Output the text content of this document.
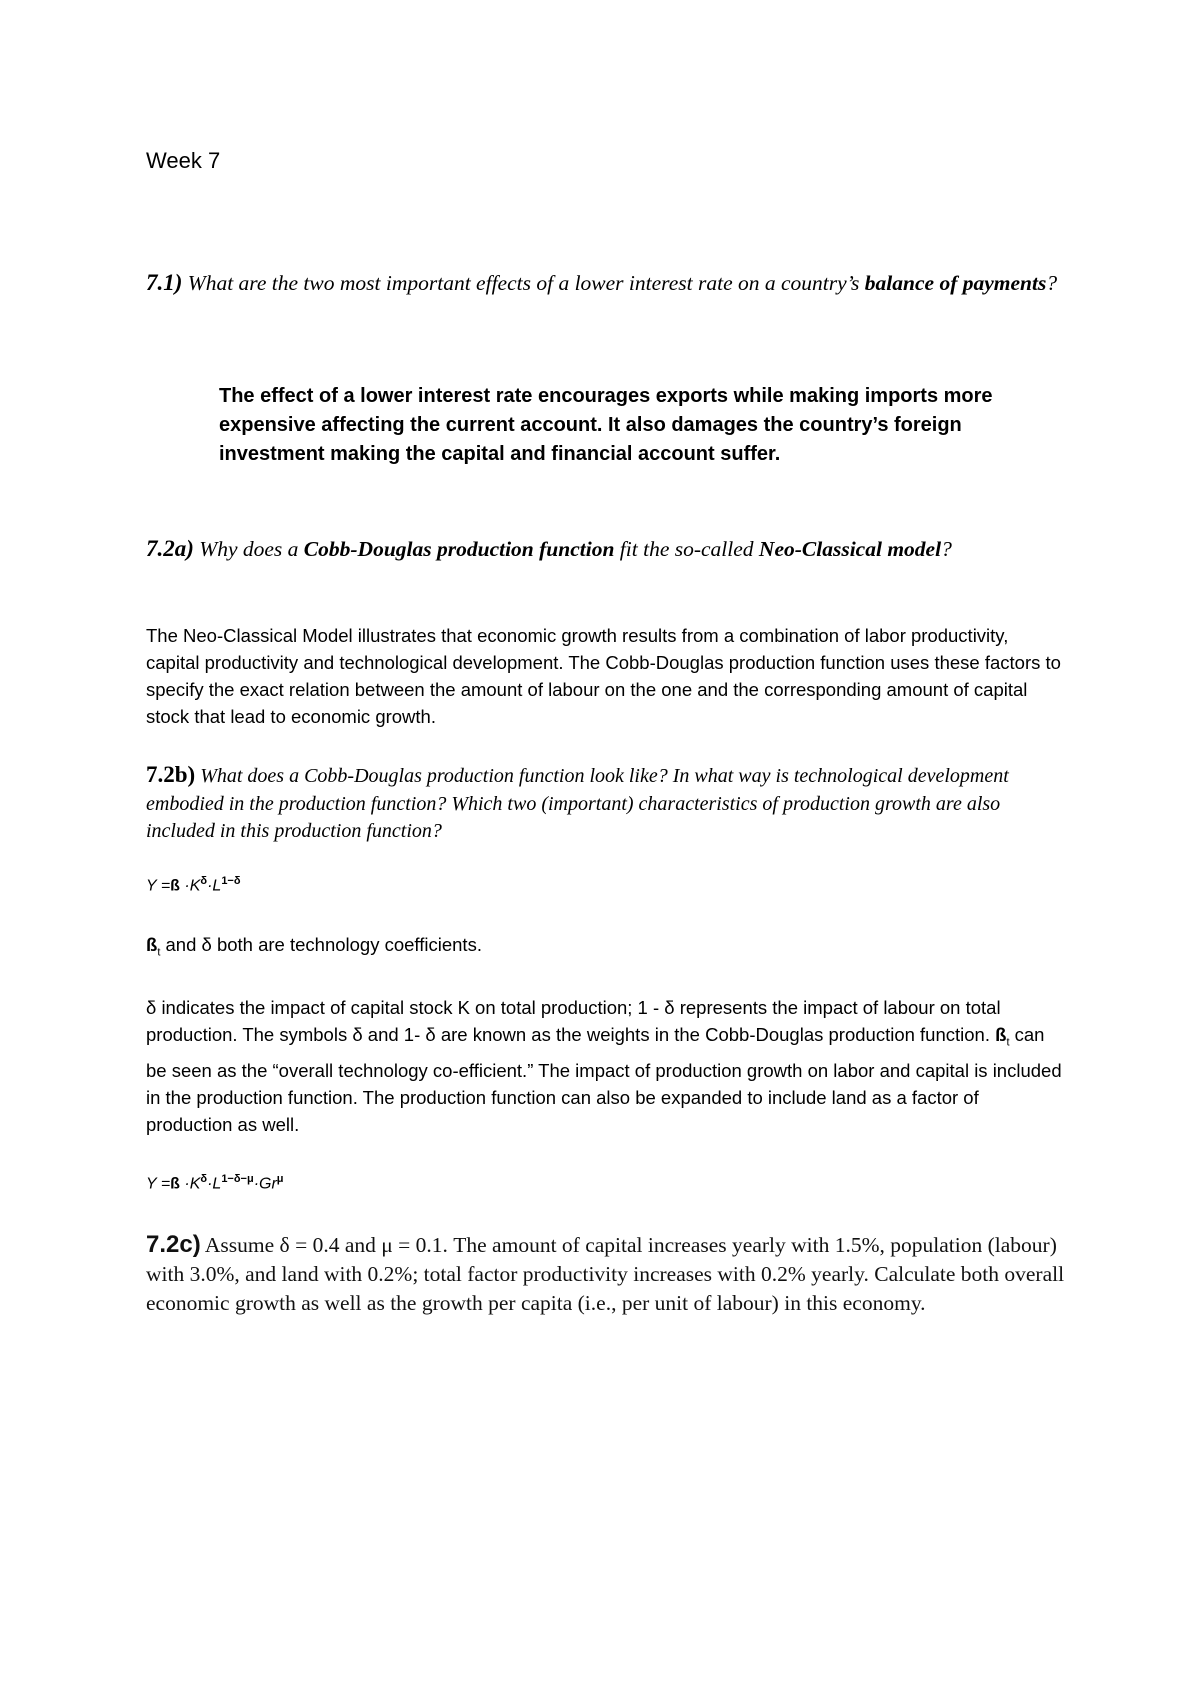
Week 7
7.1) What are the two most important effects of a lower interest rate on a country’s balance of payments?
The effect of a lower interest rate encourages exports while making imports more expensive affecting the current account. It also damages the country’s foreign investment making the capital and financial account suffer.
7.2a) Why does a Cobb-Douglas production function fit the so-called Neo-Classical model?
The Neo-Classical Model illustrates that economic growth results from a combination of labor productivity, capital productivity and technological development. The Cobb-Douglas production function uses these factors to specify the exact relation between the amount of labour on the one and the corresponding amount of capital stock that lead to economic growth.
7.2b) What does a Cobb-Douglas production function look like? In what way is technological development embodied in the production function? Which two (important) characteristics of production growth are also included in this production function?
Y =ß $\cdot K^\delta\cdot L^{1-\delta}$
$ß_t$ and δ both are technology coefficients.
δ indicates the impact of capital stock K on total production; 1 - δ represents the impact of labour on total production. The symbols δ and 1- δ are known as the weights in the Cobb-Douglas production function. $ß_t$ can be seen as the “overall technology co-efficient.” The impact of production growth on labor and capital is included in the production function. The production function can also be expanded to include land as a factor of production as well.
Y =ß $\cdot K^\delta\cdot L^{1-\delta-\mu}\cdot Gr^\mu$
7.2c) Assume δ = 0.4 and μ = 0.1. The amount of capital increases yearly with 1.5%, population (labour) with 3.0%, and land with 0.2%; total factor productivity increases with 0.2% yearly. Calculate both overall economic growth as well as the growth per capita (i.e., per unit of labour) in this economy.
